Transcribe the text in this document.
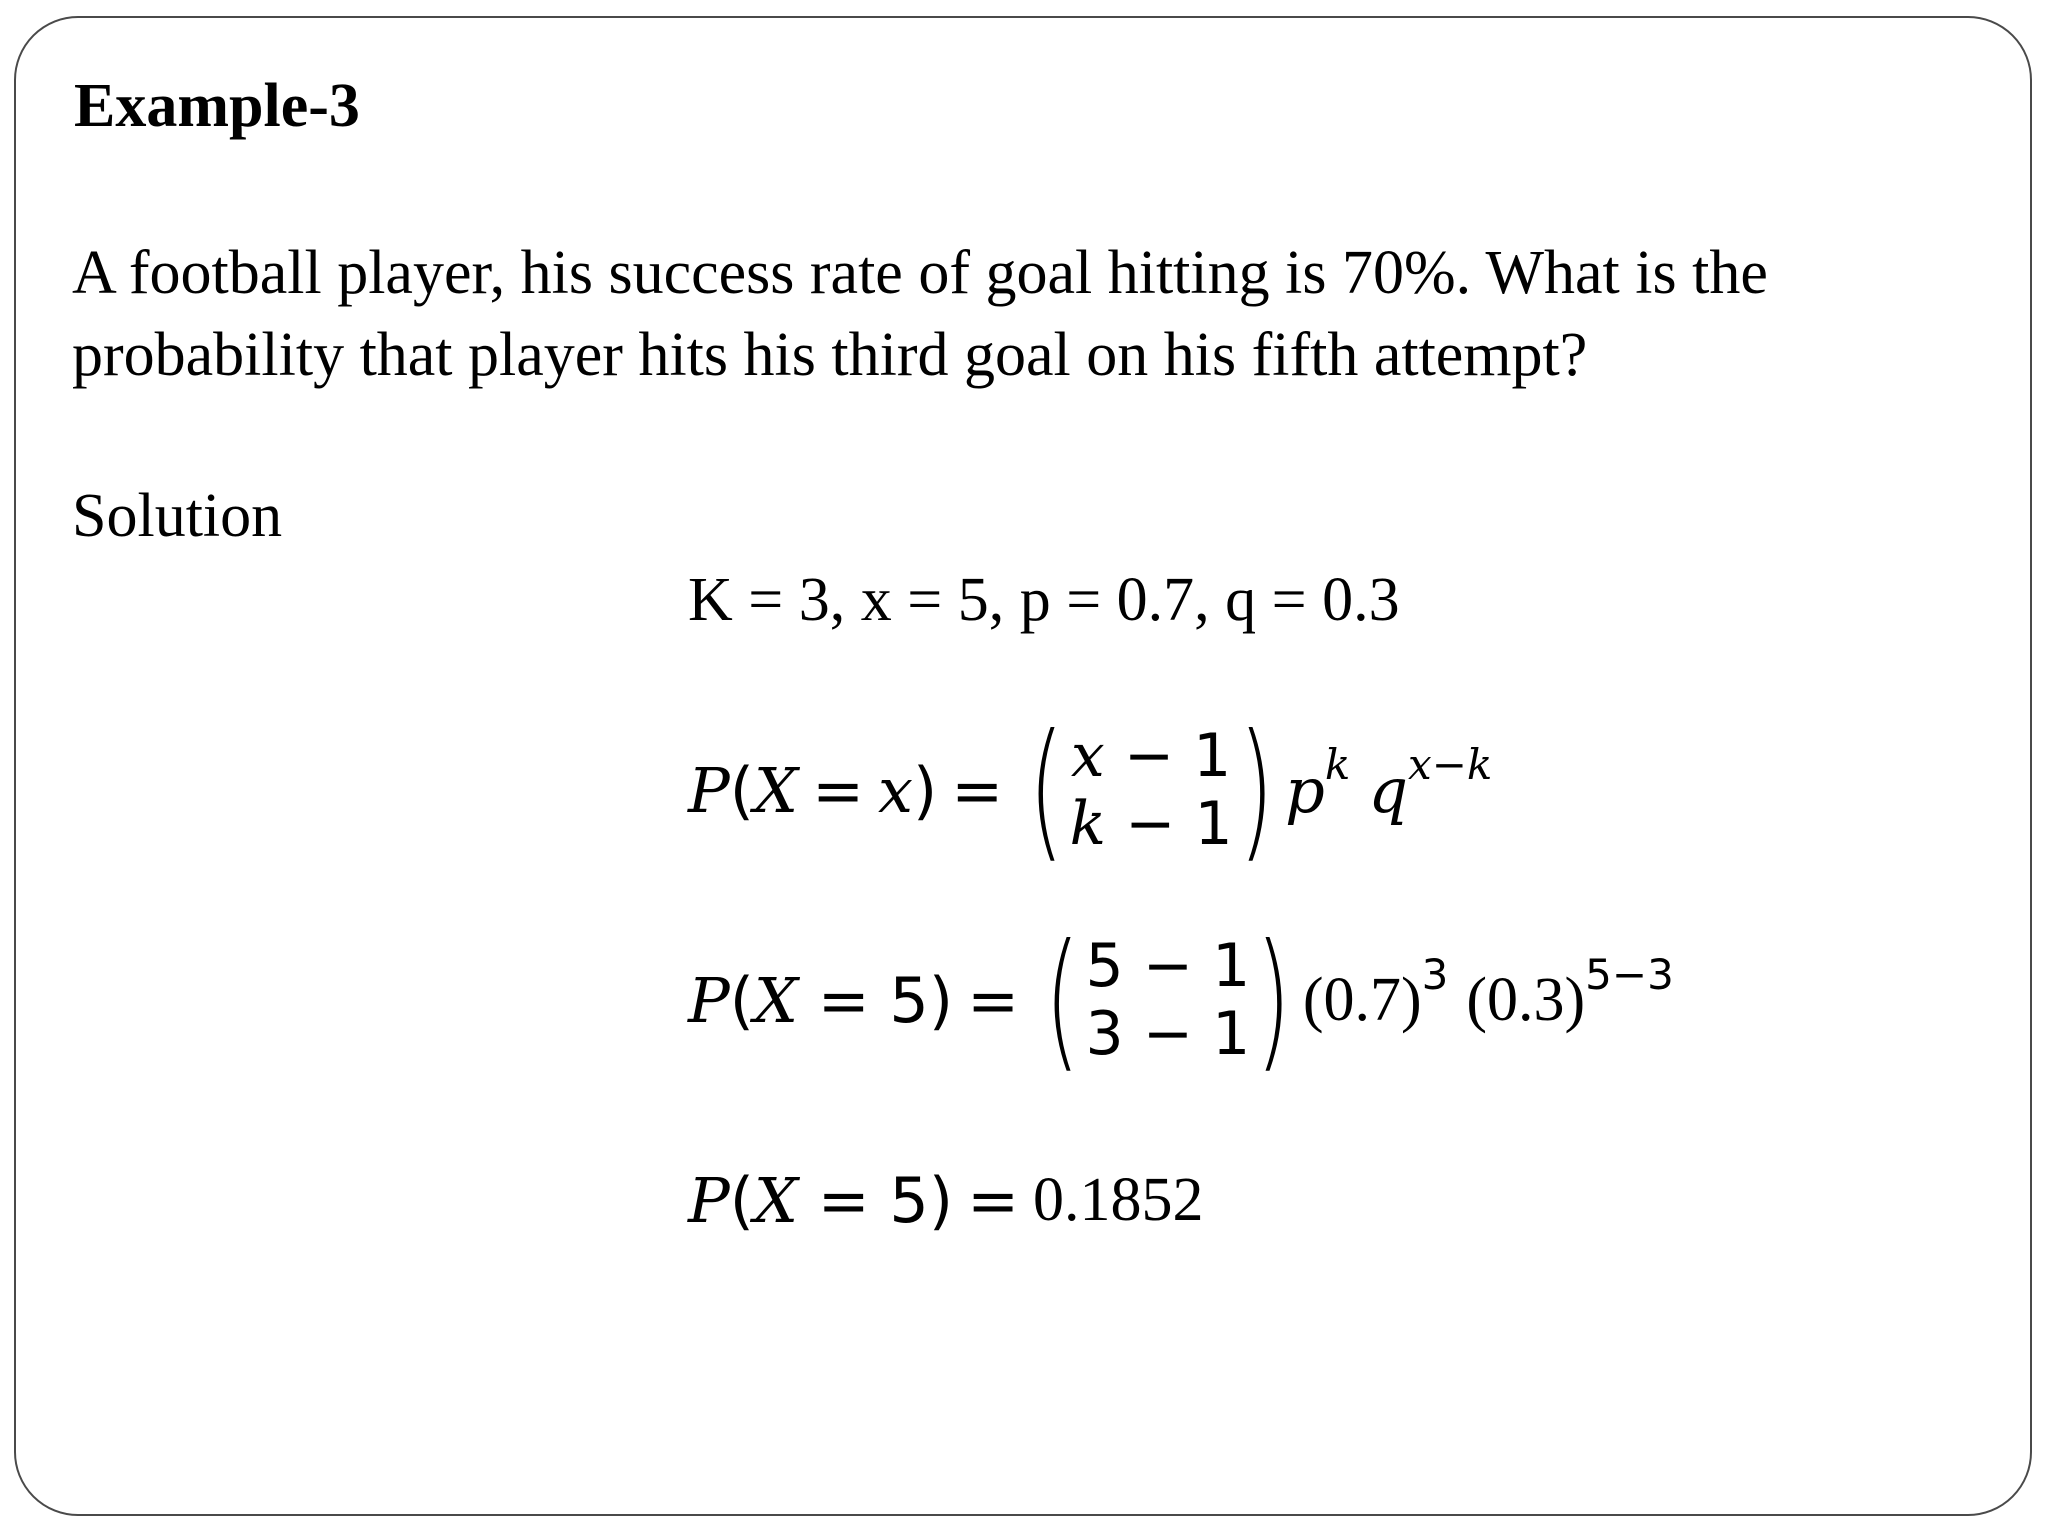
Example-3
A football player, his success rate of goal hitting is 70%. What is the
probability that player hits his third goal on his fifth attempt?
Solution
K = 3, x = 5, p = 0.7, q = 0.3
P ( X = x ) = ( x − 1
k − 1 ) p k q x−k
P ( X = 5) = ( 5 − 1
3 − 1 ) (0.7) 3 (0.3) 5−3
P ( X = 5) = 0.1852
